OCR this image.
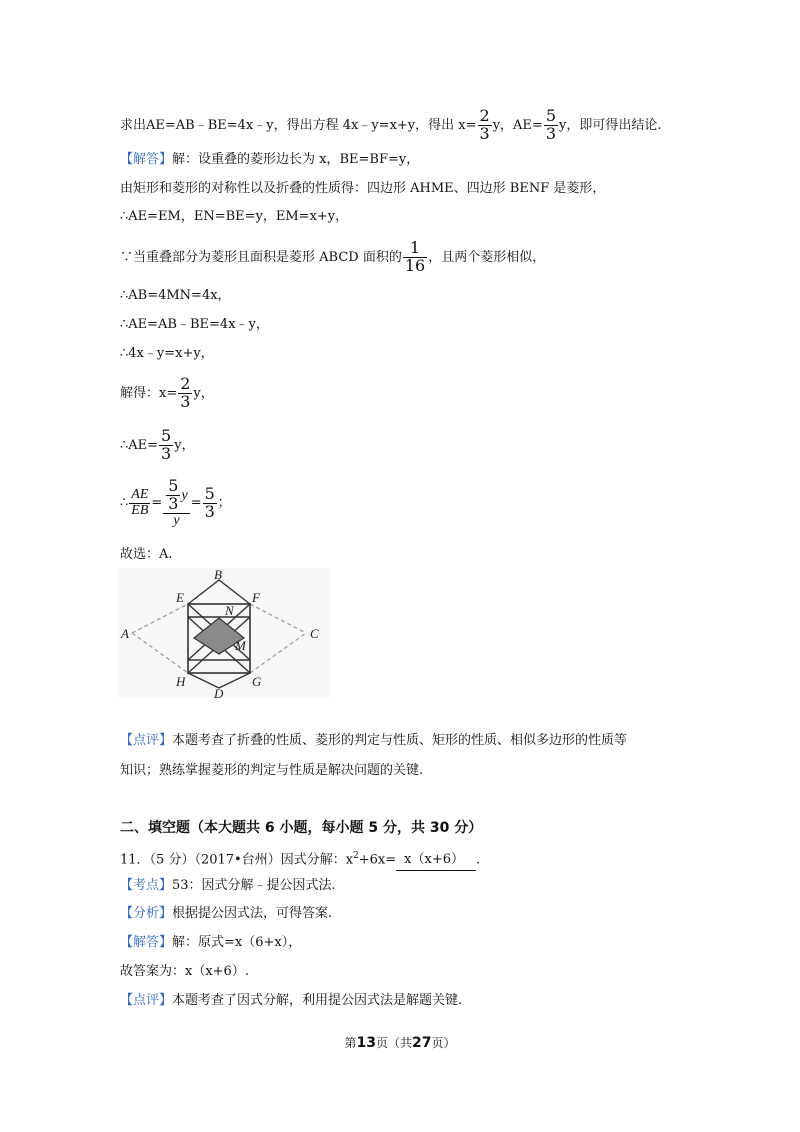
求出AE=AB﹣BE=4x﹣y，得出方程 4x﹣y=x+y，得出 $x= \frac{2}{3}$ y，$AE= \frac{5}{3}$ y，即可得出结论.
【解答】解：设重叠的菱形边长为 x，BE=BF=y，
由矩形和菱形的对称性以及折叠的性质得：四边形 AHME、四边形 BENF 是菱形，
∴AE=EM，EN=BE=y，EM=x+y，
∵当重叠部分为菱形且面积是菱形 ABCD 面积的 $\frac{1}{16}$ ，且两个菱形相似，
∴AB=4MN=4x，
∴AE=AB﹣BE=4x﹣y，
∴4x﹣y=x+y，
解得：$x= \frac{2}{3}$ y，
∴AE= $\frac{5}{3}$ y，
∴ $\frac{AE}{EB} = \frac{\frac{5}{3} y}{y} = \frac{5}{3}$ ；
故选：A.
B
E	F
A	C
N
M
H	G
D
【点评】本题考查了折叠的性质、菱形的判定与性质、矩形的性质、相似多边形的性质等
知识；熟练掌握菱形的判定与性质是解决问题的关键.
二、填空题（本大题共 6 小题，每小题 5 分，共 30 分）
11．（5 分）（2017•台州）因式分解：$x^2+6x= x(x+6)$ .
【考点】53：因式分解﹣提公因式法.
【分析】根据提公因式法，可得答案.
【解答】解：原式=x（6+x），
故答案为：x（x+6）.
【点评】本题考查了因式分解，利用提公因式法是解题关键.
第13页（共27页）
